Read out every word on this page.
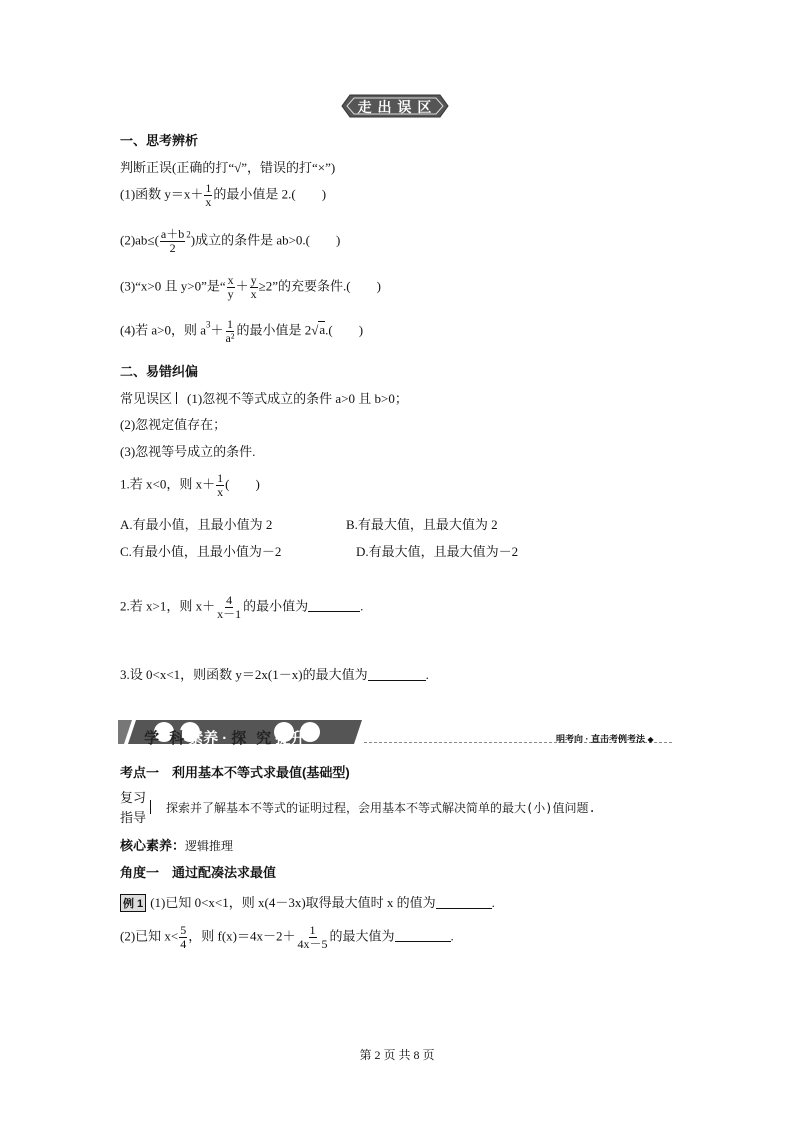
走 出 误 区
一、思考辨析
判断正误(正确的打“√”，错误的打“×”)
(1)函数 $y=x+ \frac{1}{x}$ 的最小值是 2.( )
$(2)ab\le( \frac{a+b}{2} ^2)$成立的条件是 ab>0.( )
(3)“x>0 且 y>0”是“ $\frac{x}{y} + \frac{y}{x} \ge 2$”的充要条件.( )
(4)若 a>0，则 $a^3+ \frac{1}{\text{a²}}$ 的最小值是 2√a.( )
二、易错纠偏
常见误区 (1)忽视不等式成立的条件 a>0 且 b>0；
(2)忽视定值存在；
(3)忽视等号成立的条件.
1.若 x<0，则 $x+ \frac{1}{x}$ ( )
A.有最小值，且最小值为 2	B.有最大值，且最大值为 2
C.有最小值，且最小值为－2	D.有最大值，且最大值为－2
2.若 x>1，则 $x+ \frac{4}{x-1}$ 的最小值为	.
3.设 0<x<1，则函数 y＝2x(1－x)的最大值为	.
学 科 素养 · 探 究 提升	明考向 · 直击考例考法 ◆
考点一　利用基本不等式求最值(基础型)
复习
指导
探索并了解基本不等式的证明过程，会用基本不等式解决简单的最大(小)值问题.
核心素养：逻辑推理
角度一　通过配凑法求最值
例 1 (1)已知 0<x<1，则 x(4－3x)取得最大值时 x 的值为	.
(2)已知 $x< \frac{5}{4}$ ，则 $f(x)=4x-2+ \frac{1}{4x-5}$ 的最大值为	.
第 2 页 共 8 页
